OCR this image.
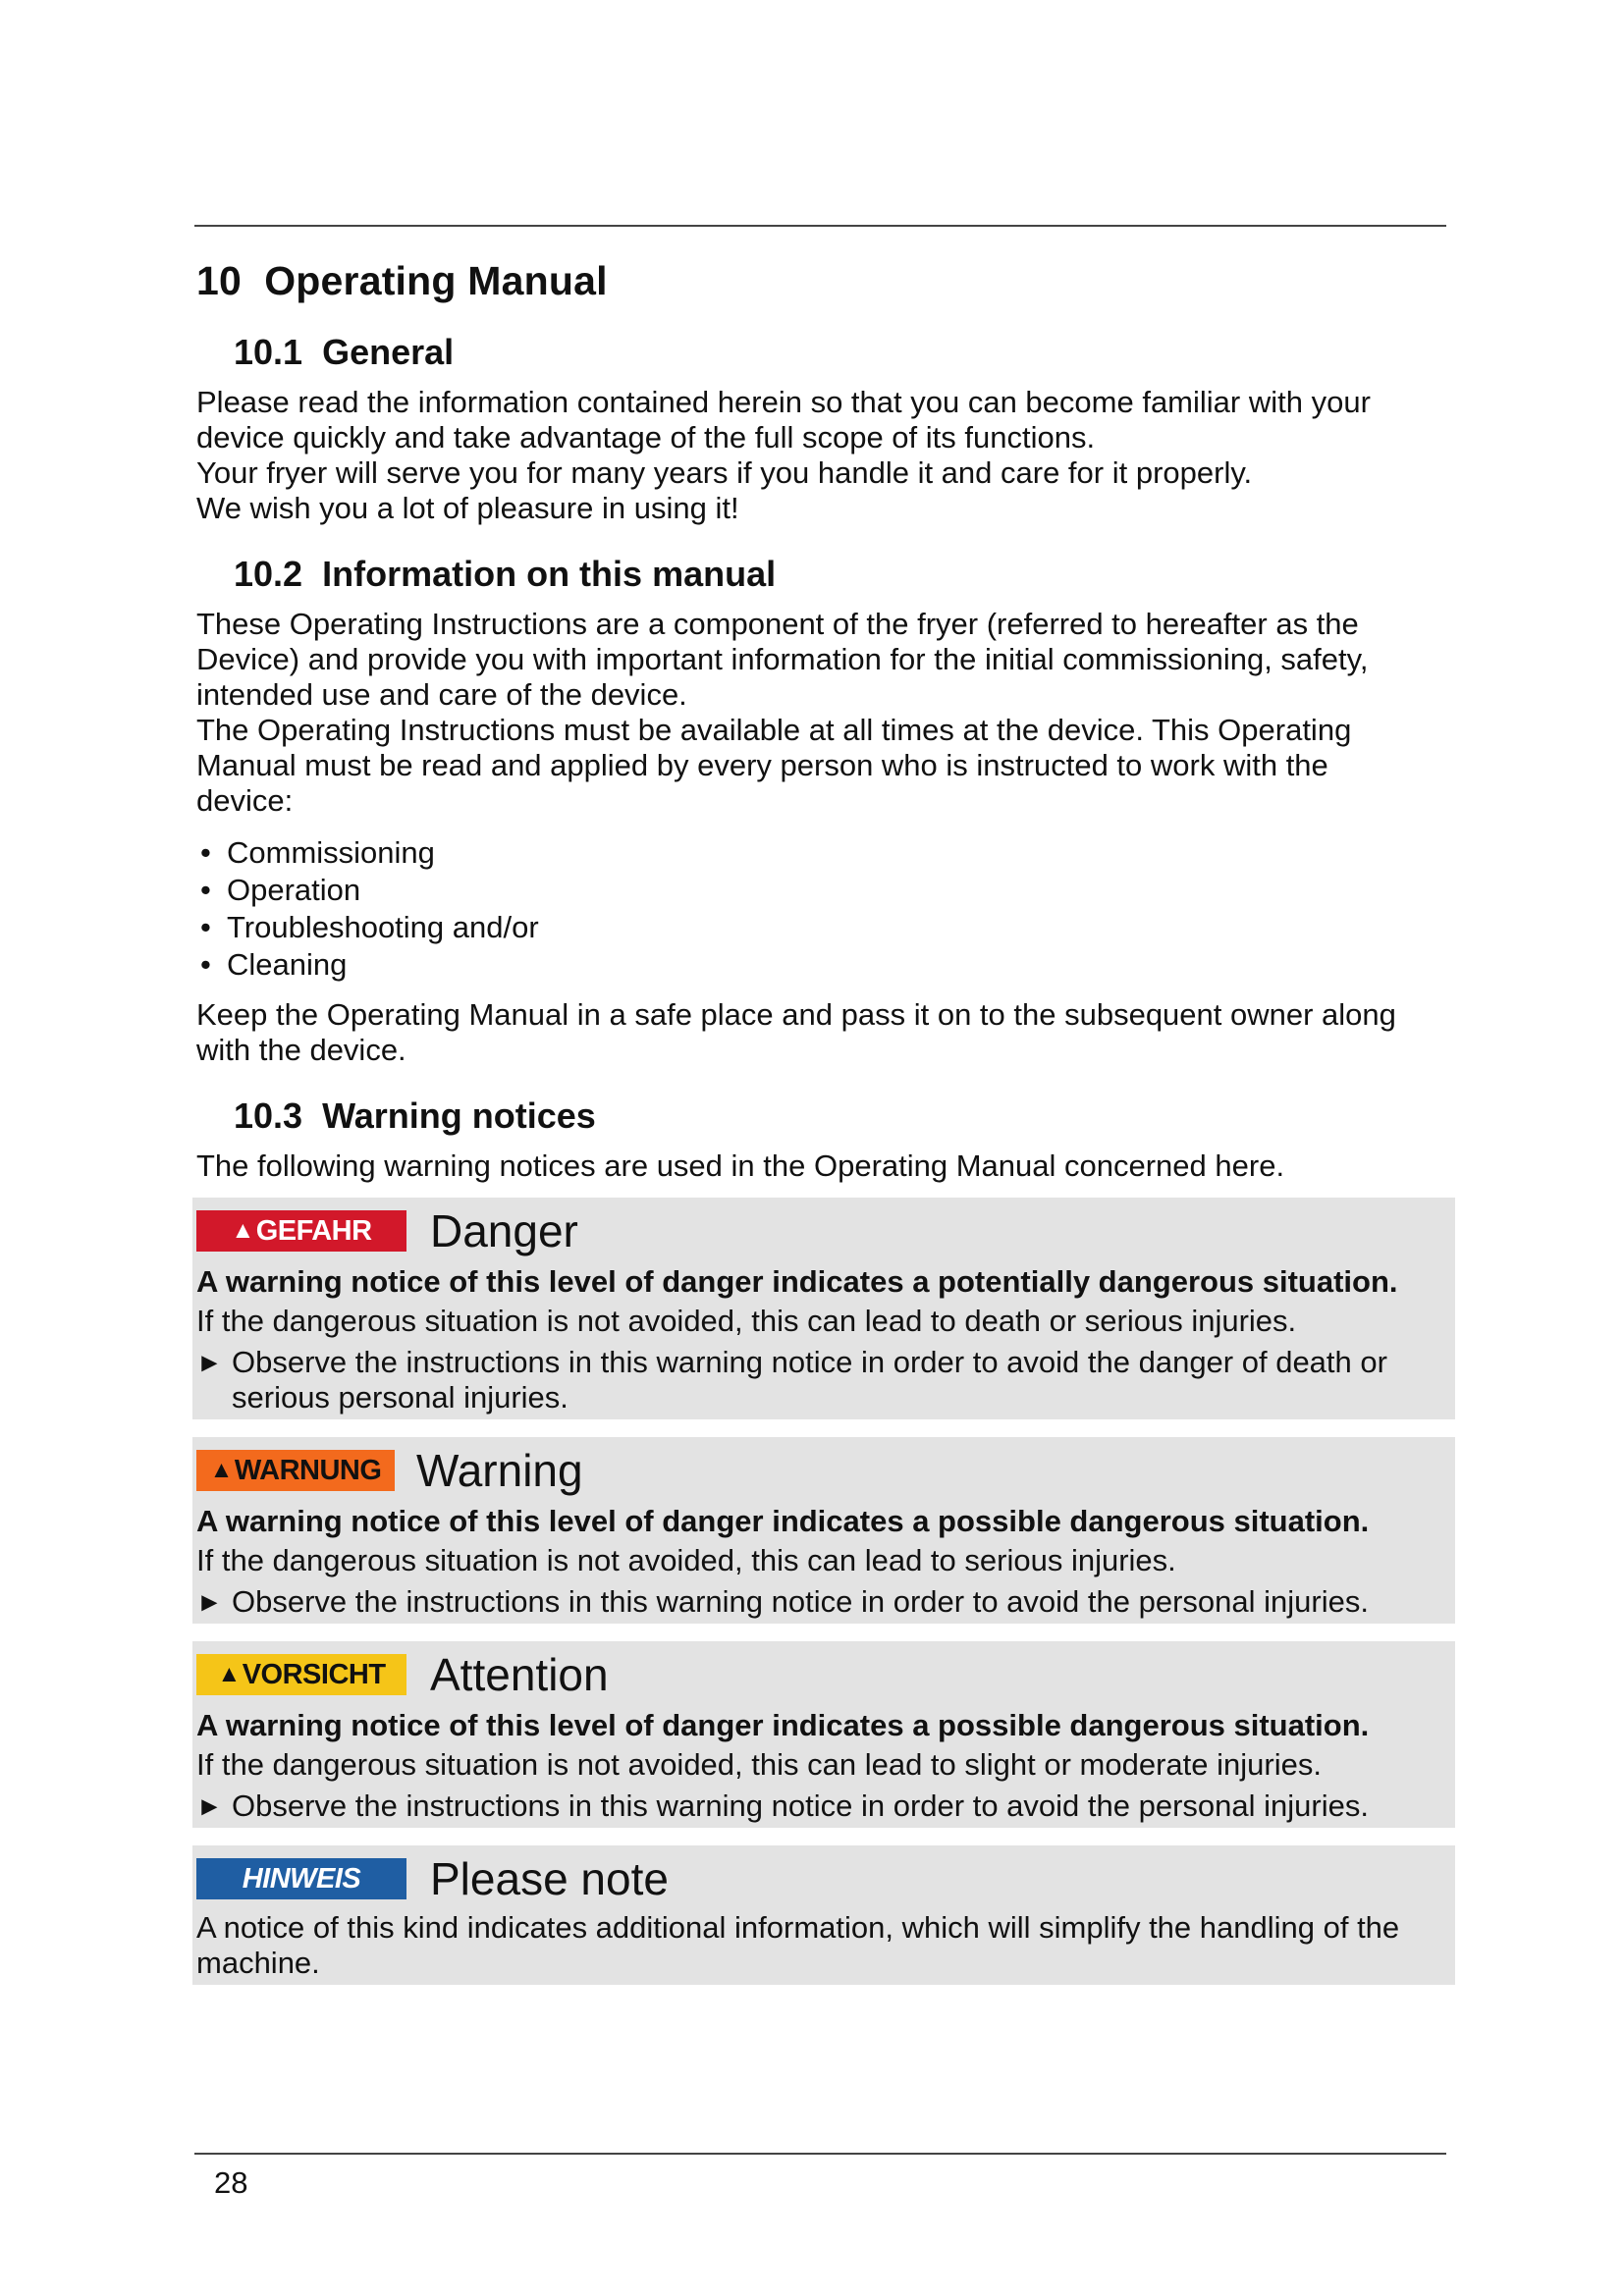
10 Operating Manual
10.1 General

Please read the information contained herein so that you can become familiar with your
device quickly and take advantage of the full scope of its functions.
Your fryer will serve you for many years if you handle it and care for it properly.
We wish you a lot of pleasure in using it!

10.2 Information on this manual

These Operating Instructions are a component of the fryer (referred to hereafter as the
Device) and provide you with important information for the initial commissioning, safety,
intended use and care of the device.
The Operating Instructions must be available at all times at the device. This Operating
Manual must be read and applied by every person who is instructed to work with the
device:

• Commissioning
• Operation
• Troubleshooting and/or
• Cleaning

Keep the Operating Manual in a safe place and pass it on to the subsequent owner along
with the device.

10.3 Warning notices

The following warning notices are used in the Operating Manual concerned here.

▲ GEFAHR Danger
A warning notice of this level of danger indicates a potentially dangerous situation.
If the dangerous situation is not avoided, this can lead to death or serious injuries.
► Observe the instructions in this warning notice in order to avoid the danger of death or
serious personal injuries.
▲ WARNUNG Warning
A warning notice of this level of danger indicates a possible dangerous situation.
If the dangerous situation is not avoided, this can lead to serious injuries.
► Observe the instructions in this warning notice in order to avoid the personal injuries.
▲ VORSICHT Attention
A warning notice of this level of danger indicates a possible dangerous situation.
If the dangerous situation is not avoided, this can lead to slight or moderate injuries.
► Observe the instructions in this warning notice in order to avoid the personal injuries.
HINWEIS	Please note
A notice of this kind indicates additional information, which will simplify the handling of the
machine.
28
